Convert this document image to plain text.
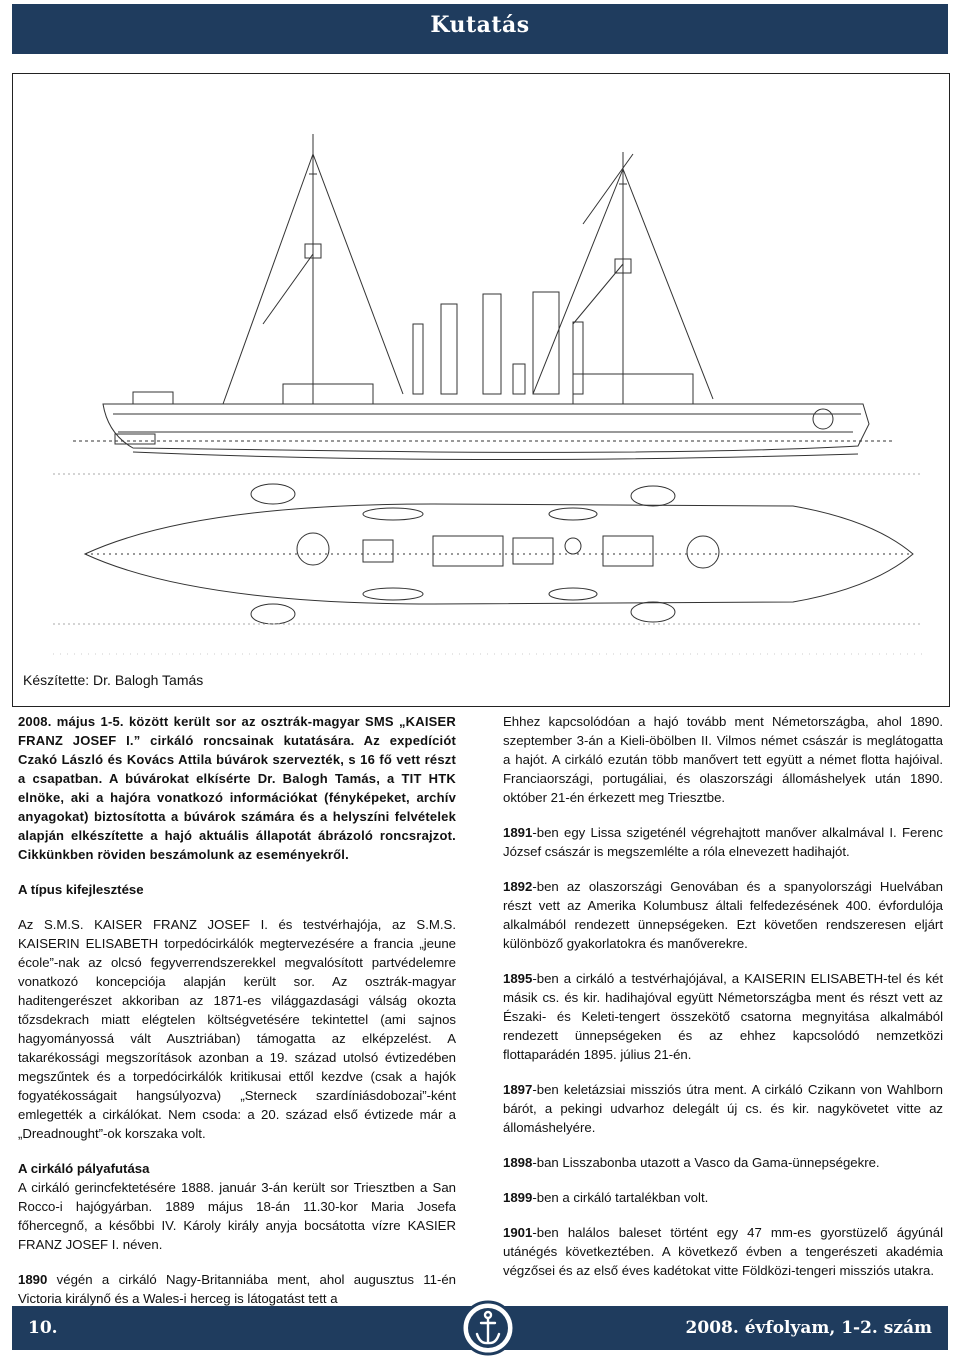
Kutatás
Készítette: Dr. Balogh Tamás

2008. május 1-5. között került sor az osztrák-magyar SMS „KAISER FRANZ JOSEF I.” cirkáló roncsainak kutatására. Az expedíciót Czakó László és Kovács Attila búvárok szervezték, s 16 fő vett részt a csapatban. A búvárokat elkísérte Dr. Balogh Tamás, a TIT HTK elnöke, aki a hajóra vonatkozó információkat (fényképeket, archív anyagokat) biztosította a búvárok számára és a helyszíni felvételek alapján elkészítette a hajó aktuális állapotát ábrázoló roncsrajzot. Cikkünkben röviden beszámolunk az eseményekről.

A típus kifejlesztése

Az S.M.S. KAISER FRANZ JOSEF I. és testvérhajója, az S.M.S. KAISERIN ELISABETH torpedócirkálók megtervezésére a francia „jeune école”-nak az olcsó fegyverrendszerekkel megvalósított partvédelemre vonatkozó koncepciója alapján került sor. Az osztrák-magyar haditengerészet akkoriban az 1871-es világgazdasági válság okozta tőzsdekrach miatt elégtelen költségvetésére tekintettel (ami sajnos hagyományossá vált Ausztriában) támogatta az elképzelést. A takarékossági megszorítások azonban a 19. század utolsó évtizedében megszűntek és a torpedócirkálók kritikusai ettől kezdve (csak a hajók fogyatékosságait hangsúlyozva) „Sterneck szardíniásdobozai”-ként emlegették a cirkálókat. Nem csoda: a 20. század első évtizede már a „Dreadnought”-ok korszaka volt.

A cirkáló pályafutása

A cirkáló gerincfektetésére 1888. január 3-án került sor Triesztben a San Rocco-i hajógyárban. 1889 május 18-án 11.30-kor Maria Josefa főhercegnő, a későbbi IV. Károly király anyja bocsátotta vízre KASIER FRANZ JOSEF I. néven.

1890 végén a cirkáló Nagy-Britanniába ment, ahol augusztus 11-én Victoria királynő és a Wales-i herceg is látogatást tett a

Ehhez kapcsolódóan a hajó tovább ment Németországba, ahol 1890. szeptember 3-án a Kieli-öbölben II. Vilmos német császár is meglátogatta a hajót. A cirkáló ezután több manővert tett együtt a német flotta hajóival. Franciaországi, portugáliai, és olaszországi állomáshelyek után 1890. október 21-én érkezett meg Triesztbe.

1891-ben egy Lissa szigeténél végrehajtott manőver alkalmával I. Ferenc József császár is megszemlélte a róla elnevezett hadihajót.

1892-ben az olaszországi Genovában és a spanyolországi Huelvában részt vett az Amerika Kolumbusz általi felfedezésének 400. évfordulója alkalmából rendezett ünnepségeken. Ezt követően rendszeresen eljárt különböző gyakorlatokra és manőverekre.

1895-ben a cirkáló a testvérhajójával, a KAISERIN ELISABETH-tel és két másik cs. és kir. hadihajóval együtt Németországba ment és részt vett az Északi- és Keleti-tengert összekötő csatorna megnyitása alkalmából rendezett ünnepségeken és az ehhez kapcsolódó nemzetközi flottaparádén 1895. július 21-én.

1897-ben keletázsiai missziós útra ment. A cirkáló Czikann von Wahlborn bárót, a pekingi udvarhoz delegált új cs. és kir. nagykövetet vitte az állomáshelyére.

1898-ban Lisszabonba utazott a Vasco da Gama-ünnepségekre.

1899-ben a cirkáló tartalékban volt.

1901-ben halálos baleset történt egy 47 mm-es gyorstüzelő ágyúnál utánégés következtében. A következő évben a tengerészeti akadémia végzősei és az első éves kadétokat vitte Földközi-tengeri missziós utakra.

10.	2008. évfolyam, 1-2. szám
